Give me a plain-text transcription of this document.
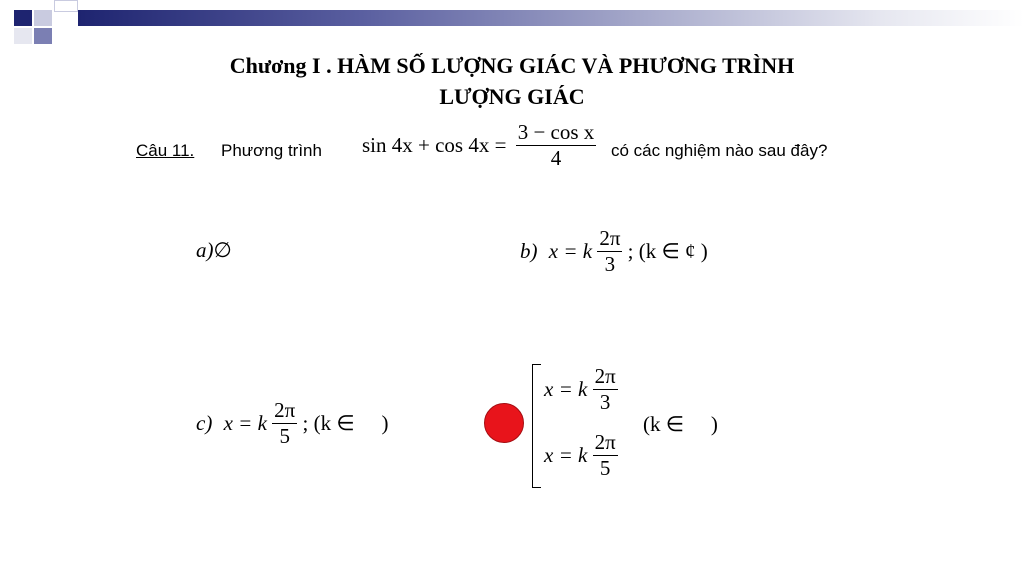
Chương I . HÀM SỐ LƯỢNG GIÁC VÀ PHƯƠNG TRÌNH
LƯỢNG GIÁC
Câu 11. Phương trình $\sin 4x + \cos 4x = \frac{\text{3 − cos x}}{4}$ có các nghiệm nào sau đây?
a)∅	b) x = k $\frac{2\pi}{3}$ ; (k ∈ ¢ )
c) x = k $\frac{2\pi}{5}$ ; (k ∈   )
x = k $\frac{2\pi}{3}$
x = k $\frac{2\pi}{5}$
(k ∈   )
